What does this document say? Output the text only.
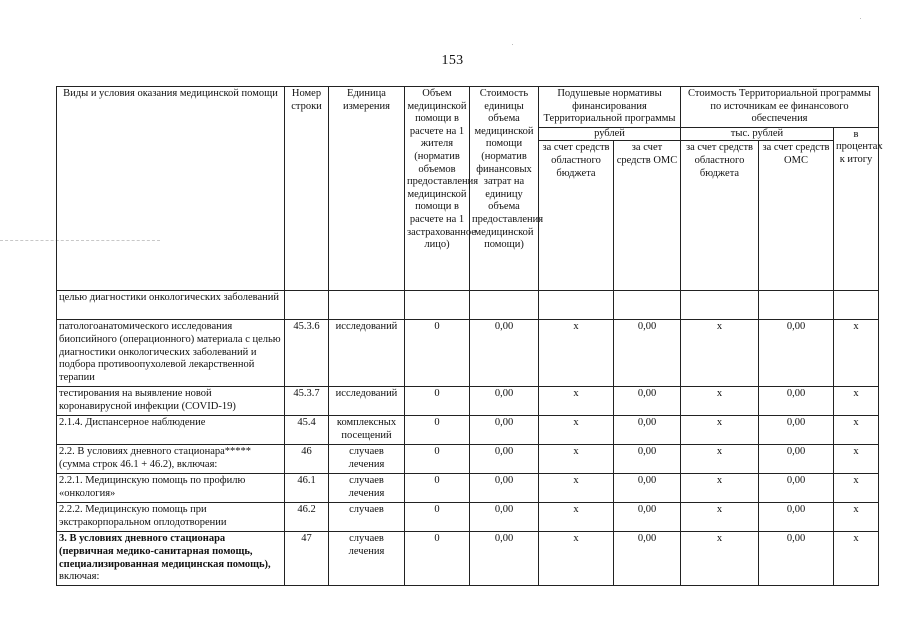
153
Виды и условия оказания медицинской помощи	Номер строки	Единица измерения	Объем медицинской помощи в расчете на 1 жителя (норматив объемов предоставления медицинской помощи в расчете на 1 застрахованное лицо)	Стоимость единицы объема медицинской помощи (норматив финансовых затрат на единицу объема предоставления медицинской помощи)	Подушевые нормативы финансирования Территориальной программы		Стоимость Территориальной программы по источникам ее финансового обеспечения		
					рублей		тыс. рублей		в процентах к итогу
					за счет средств областного бюджета	за счет средств ОМС	за счет средств областного бюджета	за счет средств ОМС	
целью диагностики онкологических заболеваний									
патологоанатомического исследования биопсийного (операционного) материала с целью диагностики онкологических заболеваний и подбора противоопухолевой лекарственной терапии	45.3.6	исследований	0	0,00	х	0,00	х	0,00	х
тестирования на выявление новой коронавирусной инфекции (COVID-19)	45.3.7	исследований	0	0,00	х	0,00	х	0,00	х
2.1.4. Диспансерное наблюдение	45.4	комплексных посещений	0	0,00	х	0,00	х	0,00	х
2.2. В условиях дневного стационара***** (сумма строк 46.1 + 46.2), включая:	46	случаев лечения	0	0,00	х	0,00	х	0,00	х
2.2.1. Медицинскую помощь по профилю «онкология»	46.1	случаев лечения	0	0,00	х	0,00	х	0,00	х
2.2.2. Медицинскую помощь при экстракорпоральном оплодотворении	46.2	случаев	0	0,00	х	0,00	х	0,00	х
3. В условиях дневного стационара (первичная медико-санитарная помощь, специализированная медицинская помощь), включая:	47	случаев лечения	0	0,00	х	0,00	х	0,00	х
